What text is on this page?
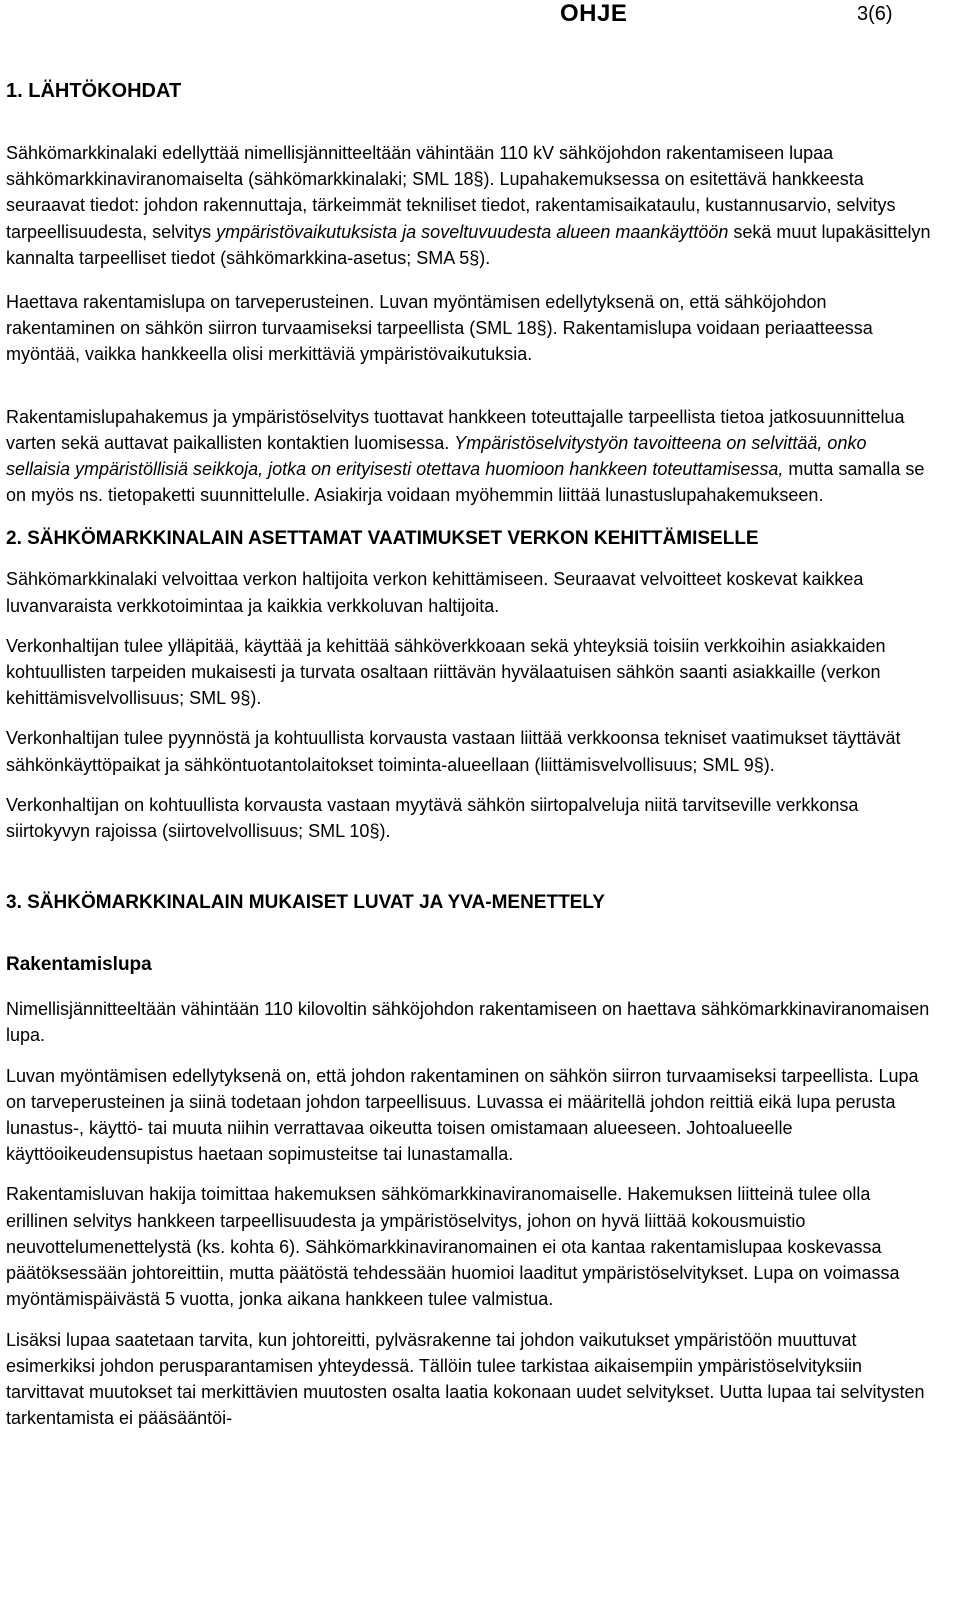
OHJE	3(6)
1. LÄHTÖKOHDAT

Sähkömarkkinalaki edellyttää nimellisjännitteeltään vähintään 110 kV sähköjohdon rakentamiseen lupaa sähkömarkkinaviranomaiselta (sähkömarkkinalaki; SML 18§). Lupahakemuksessa on esitettävä hankkeesta seuraavat tiedot: johdon rakennuttaja, tärkeimmät tekniliset tiedot, rakentamisaikataulu, kustannusarvio, selvitys tarpeellisuudesta, selvitys ympäristövaikutuksista ja soveltuvuudesta alueen maankäyttöön sekä muut lupakäsittelyn kannalta tarpeelliset tiedot (sähkömarkkina-asetus; SMA 5§).

Haettava rakentamislupa on tarveperusteinen. Luvan myöntämisen edellytyksenä on, että sähköjohdon rakentaminen on sähkön siirron turvaamiseksi tarpeellista (SML 18§). Rakentamislupa voidaan periaatteessa myöntää, vaikka hankkeella olisi merkittäviä ympäristövaikutuksia.

Rakentamislupahakemus ja ympäristöselvitys tuottavat hankkeen toteuttajalle tarpeellista tietoa jatkosuunnittelua varten sekä auttavat paikallisten kontaktien luomisessa. Ympäristöselvitystyön tavoitteena on selvittää, onko sellaisia ympäristöllisiä seikkoja, jotka on erityisesti otettava huomioon hankkeen toteuttamisessa, mutta samalla se on myös ns. tietopaketti suunnittelulle. Asiakirja voidaan myöhemmin liittää lunastuslupahakemukseen.

2. SÄHKÖMARKKINALAIN ASETTAMAT VAATIMUKSET VERKON KEHITTÄMISELLE

Sähkömarkkinalaki velvoittaa verkon haltijoita verkon kehittämiseen. Seuraavat velvoitteet koskevat kaikkea luvanvaraista verkkotoimintaa ja kaikkia verkkoluvan haltijoita.

Verkonhaltijan tulee ylläpitää, käyttää ja kehittää sähköverkkoaan sekä yhteyksiä toisiin verkkoihin asiakkaiden kohtuullisten tarpeiden mukaisesti ja turvata osaltaan riittävän hyvälaatuisen sähkön saanti asiakkaille (verkon kehittämisvelvollisuus; SML 9§).

Verkonhaltijan tulee pyynnöstä ja kohtuullista korvausta vastaan liittää verkkoonsa tekniset vaatimukset täyttävät sähkönkäyttöpaikat ja sähköntuotantolaitokset toiminta-alueellaan (liittämisvelvollisuus; SML 9§).

Verkonhaltijan on kohtuullista korvausta vastaan myytävä sähkön siirtopalveluja niitä tarvitseville verkkonsa siirtokyvyn rajoissa (siirtovelvollisuus; SML 10§).

3. SÄHKÖMARKKINALAIN MUKAISET LUVAT JA YVA-MENETTELY
Rakentamislupa

Nimellisjännitteeltään vähintään 110 kilovoltin sähköjohdon rakentamiseen on haettava sähkömarkkinaviranomaisen lupa.

Luvan myöntämisen edellytyksenä on, että johdon rakentaminen on sähkön siirron turvaamiseksi tarpeellista. Lupa on tarveperusteinen ja siinä todetaan johdon tarpeellisuus. Luvassa ei määritellä johdon reittiä eikä lupa perusta lunastus-, käyttö- tai muuta niihin verrattavaa oikeutta toisen omistamaan alueeseen. Johtoalueelle käyttöoikeudensupistus haetaan sopimusteitse tai lunastamalla.

Rakentamisluvan hakija toimittaa hakemuksen sähkömarkkinaviranomaiselle. Hakemuksen liitteinä tulee olla erillinen selvitys hankkeen tarpeellisuudesta ja ympäristöselvitys, johon on hyvä liittää kokousmuistio neuvottelumenettelystä (ks. kohta 6). Sähkömarkkinaviranomainen ei ota kantaa rakentamislupaa koskevassa päätöksessään johtoreittiin, mutta päätöstä tehdessään huomioi laaditut ympäristöselvitykset. Lupa on voimassa myöntämispäivästä 5 vuotta, jonka aikana hankkeen tulee valmistua.

Lisäksi lupaa saatetaan tarvita, kun johtoreitti, pylväsrakenne tai johdon vaikutukset ympäristöön muuttuvat esimerkiksi johdon perusparantamisen yhteydessä. Tällöin tulee tarkistaa aikaisempiin ympäristöselvityksiin tarvittavat muutokset tai merkittävien muutosten osalta laatia kokonaan uudet selvitykset. Uutta lupaa tai selvitysten tarkentamista ei pääsääntöi-
